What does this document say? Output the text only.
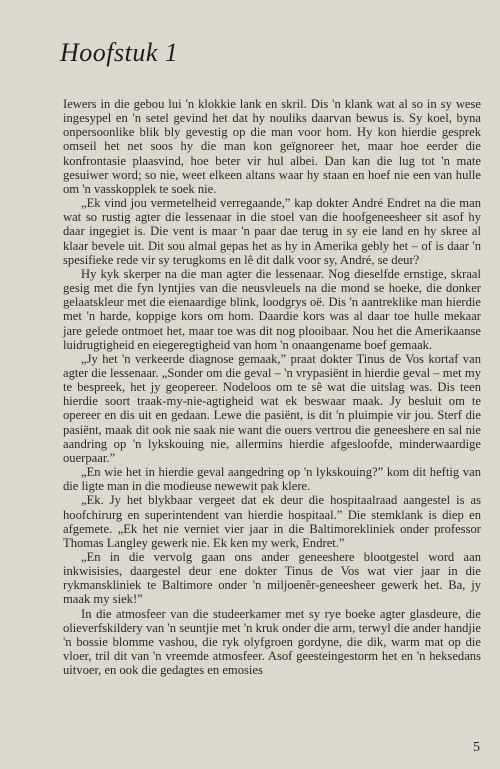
Hoofstuk 1

Iewers in die gebou lui 'n klokkie lank en skril. Dis 'n klank wat al so in sy wese ingesypel en 'n setel gevind het dat hy nouliks daarvan bewus is. Sy koel, byna onpersoonlike blik bly gevestig op die man voor hom. Hy kon hierdie gesprek omseil het net soos hy die man kon geïgnoreer het, maar hoe eerder die konfrontasie plaasvind, hoe beter vir hul albei. Dan kan die lug tot 'n mate gesuiwer word; so nie, weet elkeen altans waar hy staan en hoef nie een van hulle om 'n vasskopplek te soek nie.

„Ek vind jou vermetelheid verregaande,” kap dokter André Endret na die man wat so rustig agter die lessenaar in die stoel van die hoofgeneesheer sit asof hy daar ingegiet is. Die vent is maar 'n paar dae terug in sy eie land en hy skree al klaar bevele uit. Dit sou almal gepas het as hy in Amerika gebly het – of is daar 'n spesifieke rede vir sy terugkoms en lê dit dalk voor sy, André, se deur?

Hy kyk skerper na die man agter die lessenaar. Nog dieselfde ernstige, skraal gesig met die fyn lyntjies van die neusvleuels na die mond se hoeke, die donker gelaatskleur met die eienaardige blink, loodgrys oë. Dis 'n aantreklike man hierdie met 'n harde, koppige kors om hom. Daardie kors was al daar toe hulle mekaar jare gelede ontmoet het, maar toe was dit nog plooibaar. Nou het die Amerikaanse luidrugtigheid en eiegeregtigheid van hom 'n onaangename boef gemaak.

„Jy het 'n verkeerde diagnose gemaak,” praat dokter Tinus de Vos kortaf van agter die lessenaar. „Sonder om die geval – 'n vrypasiënt in hierdie geval – met my te bespreek, het jy geopereer. Nodeloos om te sê wat die uitslag was. Dis teen hierdie soort traak-my-nie-agtigheid wat ek beswaar maak. Jy besluit om te opereer en dis uit en gedaan. Lewe die pasiënt, is dit 'n pluimpie vir jou. Sterf die pasiënt, maak dit ook nie saak nie want die ouers vertrou die geneeshere en sal nie aandring op 'n lykskouing nie, allermins hierdie afgesloofde, minderwaardige ouerpaar.”

„En wie het in hierdie geval aangedring op 'n lykskouing?” kom dit heftig van die ligte man in die modieuse newewit pak klere.

„Ek. Jy het blykbaar vergeet dat ek deur die hospitaalraad aangestel is as hoofchirurg en superintendent van hierdie hospitaal.” Die stemklank is diep en afgemete. „Ek het nie verniet vier jaar in die Baltimorekliniek onder professor Thomas Langley gewerk nie. Ek ken my werk, Endret.”

„En in die vervolg gaan ons ander geneeshere blootgestel word aan inkwisisies, daargestel deur ene dokter Tinus de Vos wat vier jaar in die rykmanskliniek te Baltimore onder 'n miljoenêr-geneesheer gewerk het. Ba, jy maak my siek!”

In die atmosfeer van die studeerkamer met sy rye boeke agter glasdeure, die olieverfskildery van 'n seuntjie met 'n kruk onder die arm, terwyl die ander handjie 'n bossie blomme vashou, die ryk olyfgroen gordyne, die dik, warm mat op die vloer, tril dit van 'n vreemde atmosfeer. Asof geesteingestorm het en 'n heksedans uitvoer, en ook die gedagtes en emosies

5
